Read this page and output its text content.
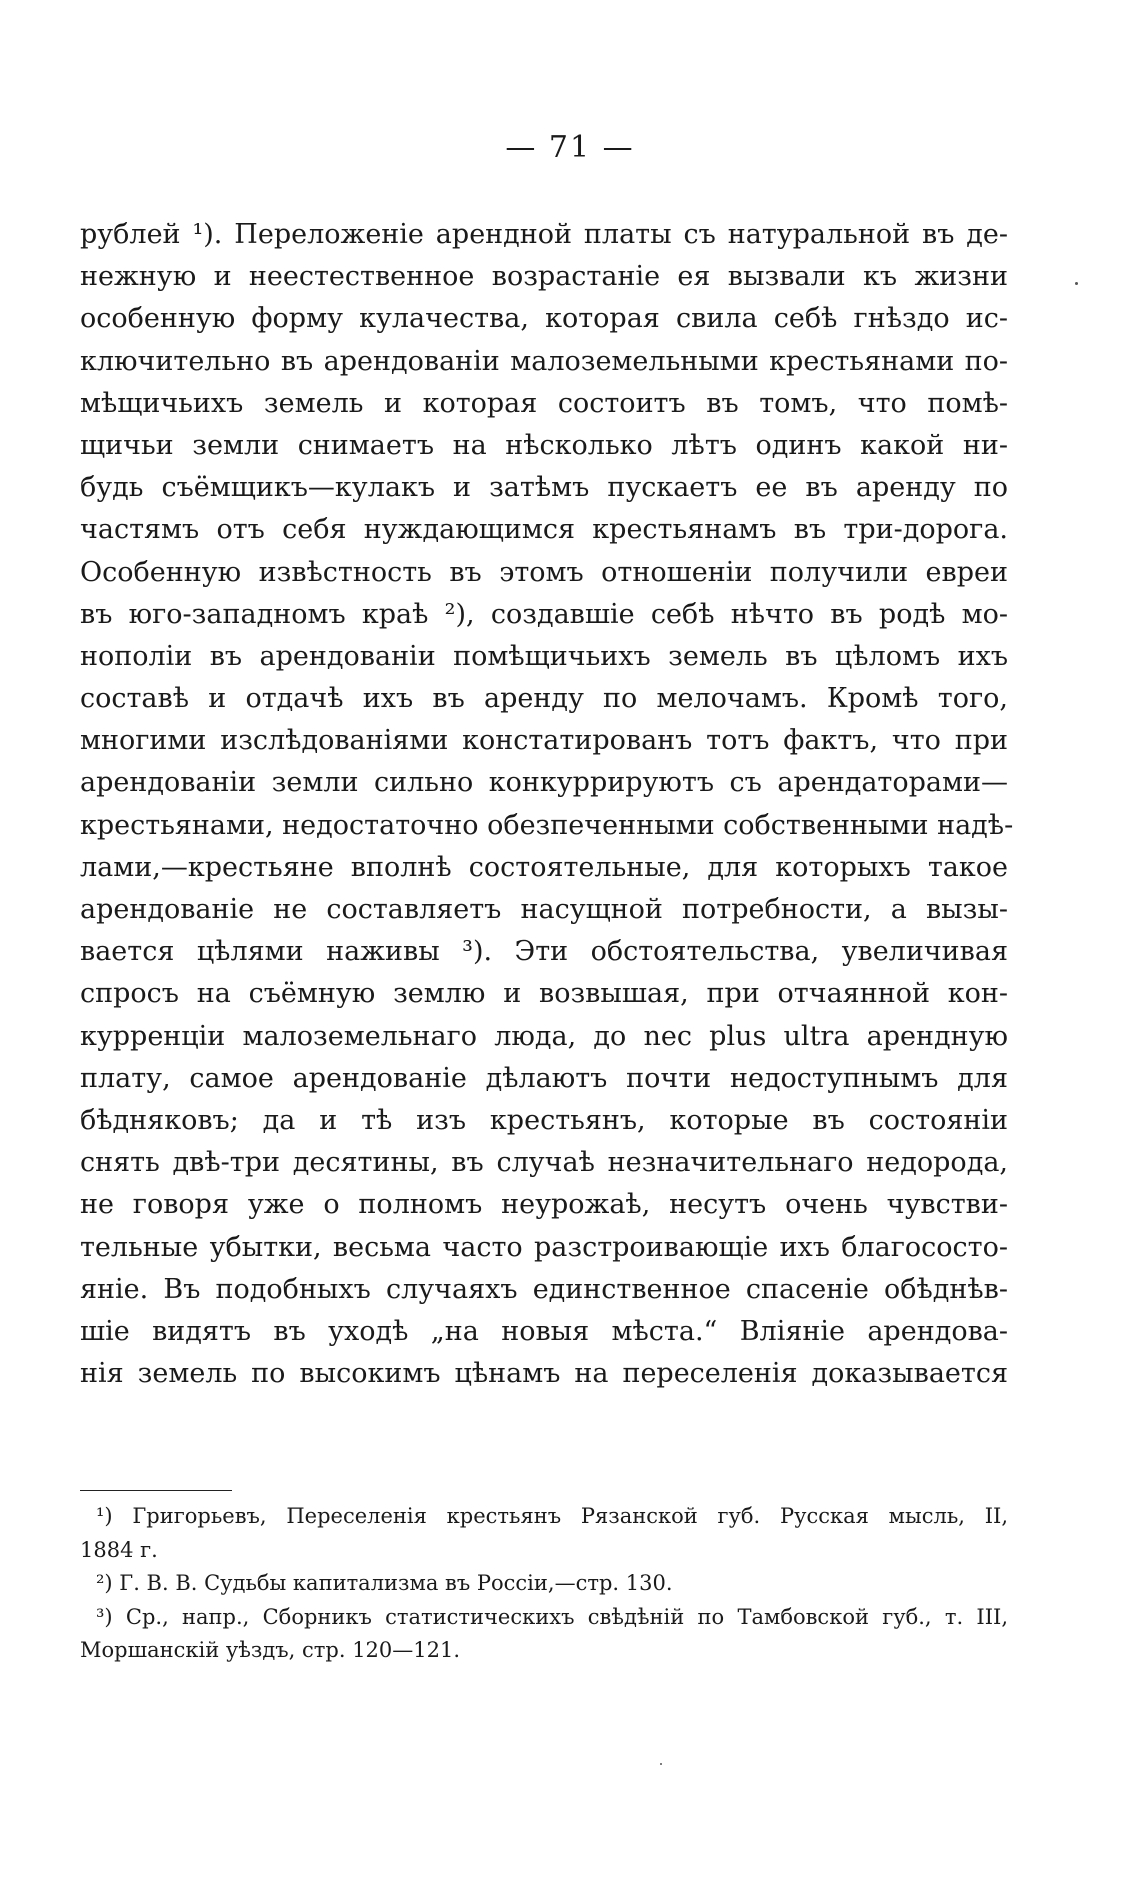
— 71 —
рублей ¹). Переложеніе арендной платы съ натуральной въ де-
нежную и неестественное возрастаніе ея вызвали къ жизни
особенную форму кулачества, которая свила себѣ гнѣздо ис-
ключительно въ арендованіи малоземельными крестьянами по-
мѣщичьихъ земель и которая состоитъ въ томъ, что помѣ-
щичьи земли снимаетъ на нѣсколько лѣтъ одинъ какой ни-
будь съёмщикъ—кулакъ и затѣмъ пускаетъ ее въ аренду по
частямъ отъ себя нуждающимся крестьянамъ въ три-дорога.
Особенную извѣстность въ этомъ отношеніи получили евреи
въ юго-западномъ краѣ ²), создавшіе себѣ нѣчто въ родѣ мо-
нополіи въ арендованіи помѣщичьихъ земель въ цѣломъ ихъ
составѣ и отдачѣ ихъ въ аренду по мелочамъ. Кромѣ того,
многими изслѣдованіями констатированъ тотъ фактъ, что при
арендованіи земли сильно конкуррируютъ съ арендаторами—
крестьянами, недостаточно обезпеченными собственными надѣ-
лами,—крестьяне вполнѣ состоятельные, для которыхъ такое
арендованіе не составляетъ насущной потребности, а вызы-
вается цѣлями наживы ³). Эти обстоятельства, увеличивая
спросъ на съёмную землю и возвышая, при отчаянной кон-
курренціи малоземельнаго люда, до nec plus ultra арендную
плату, самое арендованіе дѣлаютъ почти недоступнымъ для
бѣдняковъ; да и тѣ изъ крестьянъ, которые въ состояніи
снять двѣ-три десятины, въ случаѣ незначительнаго недорода,
не говоря уже о полномъ неурожаѣ, несутъ очень чувстви-
тельные убытки, весьма часто разстроивающіе ихъ благососто-
яніе. Въ подобныхъ случаяхъ единственное спасеніе обѣднѣв-
шіе видятъ въ уходѣ „на новыя мѣста.“ Вліяніе арендова-
нія земель по высокимъ цѣнамъ на переселенія доказывается
¹) Григорьевъ, Переселенія крестьянъ Рязанской губ. Русская мысль, II,
1884 г.
²) Г. В. В. Судьбы капитализма въ Россіи,—стр. 130.
³) Ср., напр., Сборникъ статистическихъ свѣдѣній по Тамбовской губ., т. III,
Моршанскій уѣздъ, стр. 120—121.
